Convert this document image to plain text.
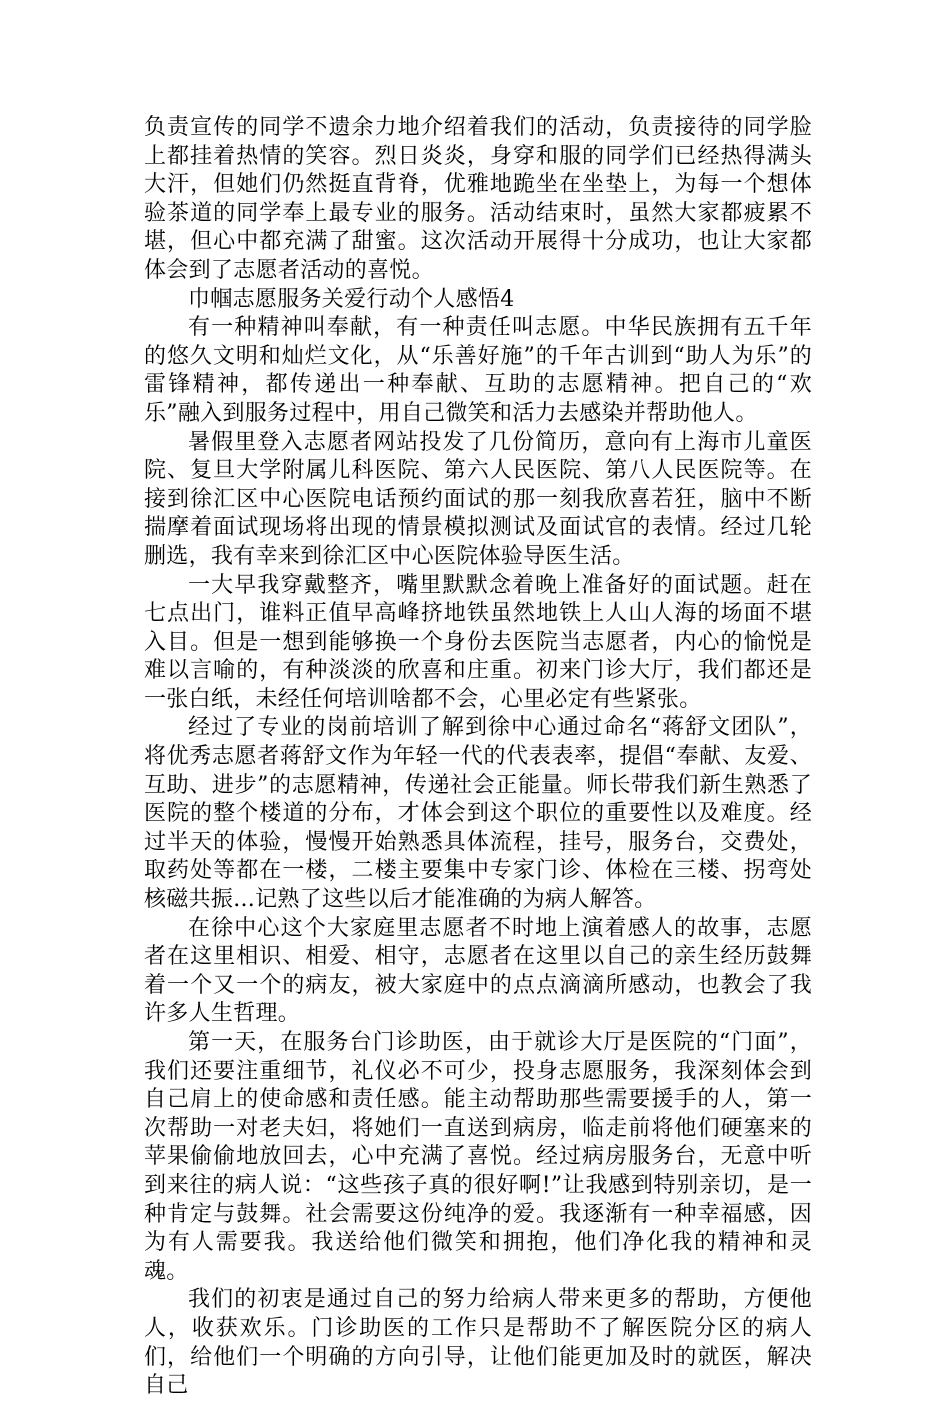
负责宣传的同学不遗余力地介绍着我们的活动，负责接待的同学脸上都挂着热情的笑容。烈日炎炎，身穿和服的同学们已经热得满头大汗，但她们仍然挺直背脊，优雅地跪坐在坐垫上，为每一个想体验茶道的同学奉上最专业的服务。活动结束时，虽然大家都疲累不堪，但心中都充满了甜蜜。这次活动开展得十分成功，也让大家都体会到了志愿者活动的喜悦。

巾帼志愿服务关爱行动个人感悟4

有一种精神叫奉献，有一种责任叫志愿。中华民族拥有五千年的悠久文明和灿烂文化，从“乐善好施”的千年古训到“助人为乐”的雷锋精神，都传递出一种奉献、互助的志愿精神。把自己的“欢乐”融入到服务过程中，用自己微笑和活力去感染并帮助他人。

暑假里登入志愿者网站投发了几份简历，意向有上海市儿童医院、复旦大学附属儿科医院、第六人民医院、第八人民医院等。在接到徐汇区中心医院电话预约面试的那一刻我欣喜若狂，脑中不断揣摩着面试现场将出现的情景模拟测试及面试官的表情。经过几轮删选，我有幸来到徐汇区中心医院体验导医生活。

一大早我穿戴整齐，嘴里默默念着晚上准备好的面试题。赶在七点出门，谁料正值早高峰挤地铁虽然地铁上人山人海的场面不堪入目。但是一想到能够换一个身份去医院当志愿者，内心的愉悦是难以言喻的，有种淡淡的欣喜和庄重。初来门诊大厅，我们都还是一张白纸，未经任何培训啥都不会，心里必定有些紧张。

经过了专业的岗前培训了解到徐中心通过命名“蒋舒文团队”，将优秀志愿者蒋舒文作为年轻一代的代表表率，提倡“奉献、友爱、互助、进步”的志愿精神，传递社会正能量。师长带我们新生熟悉了医院的整个楼道的分布，才体会到这个职位的重要性以及难度。经过半天的体验，慢慢开始熟悉具体流程，挂号，服务台，交费处，取药处等都在一楼，二楼主要集中专家门诊、体检在三楼、拐弯处核磁共振...记熟了这些以后才能准确的为病人解答。

在徐中心这个大家庭里志愿者不时地上演着感人的故事，志愿者在这里相识、相爱、相守，志愿者在这里以自己的亲生经历鼓舞着一个又一个的病友，被大家庭中的点点滴滴所感动，也教会了我许多人生哲理。

第一天，在服务台门诊助医，由于就诊大厅是医院的“门面”，我们还要注重细节，礼仪必不可少，投身志愿服务，我深刻体会到自己肩上的使命感和责任感。能主动帮助那些需要援手的人，第一次帮助一对老夫妇，将她们一直送到病房，临走前将他们硬塞来的苹果偷偷地放回去，心中充满了喜悦。经过病房服务台，无意中听到来往的病人说：“这些孩子真的很好啊!”让我感到特别亲切，是一种肯定与鼓舞。社会需要这份纯净的爱。我逐渐有一种幸福感，因为有人需要我。我送给他们微笑和拥抱，他们净化我的精神和灵魂。

我们的初衷是通过自己的努力给病人带来更多的帮助，方便他人，收获欢乐。门诊助医的工作只是帮助不了解医院分区的病人们，给他们一个明确的方向引导，让他们能更加及时的就医，解决自己
